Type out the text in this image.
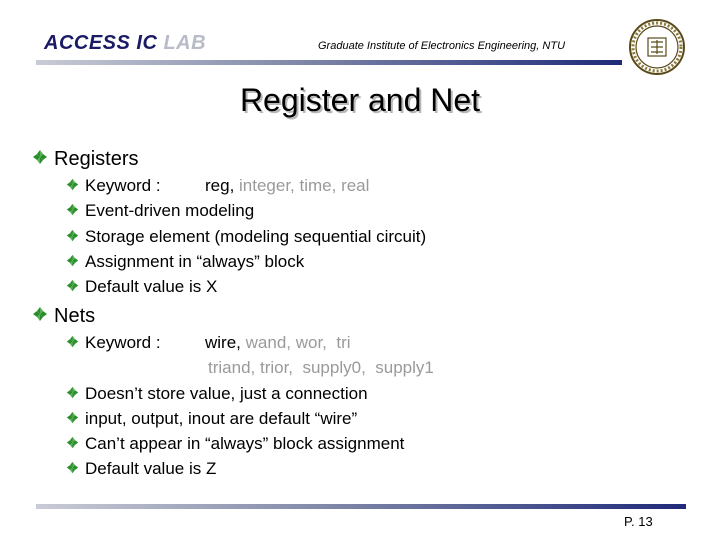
ACCESS IC LAB	Graduate Institute of Electronics Engineering, NTU
Register and Net
Registers
Keyword :	reg, integer, time, real
Event-driven modeling
Storage element (modeling sequential circuit)
Assignment in “always” block
Default value is X
Nets
Keyword :	wire, wand, wor,  tri
triand, trior,  supply0,  supply1
Doesn’t store value, just a connection
input, output, inout are default “wire”
Can’t appear in “always” block assignment
Default value is Z
P. 13
